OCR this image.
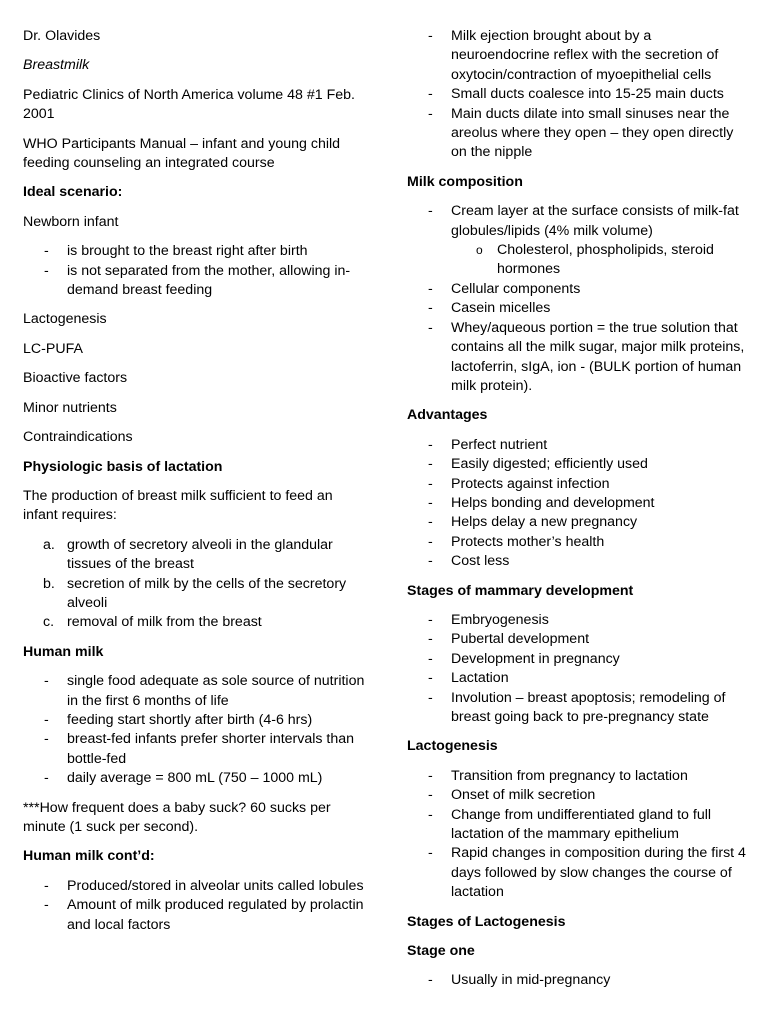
Dr. Olavides

Breastmilk

Pediatric Clinics of North America volume 48 #1 Feb. 2001

WHO Participants Manual – infant and young child feeding counseling an integrated course

Ideal scenario:

Newborn infant

- is brought to the breast right after birth
- is not separated from the mother, allowing in-demand breast feeding

Lactogenesis

LC-PUFA

Bioactive factors

Minor nutrients

Contraindications

Physiologic basis of lactation

The production of breast milk sufficient to feed an infant requires:

a. growth of secretory alveoli in the glandular tissues of the breast
b. secretion of milk by the cells of the secretory alveoli
c. removal of milk from the breast

Human milk

- single food adequate as sole source of nutrition in the first 6 months of life
- feeding start shortly after birth (4-6 hrs)
- breast-fed infants prefer shorter intervals than bottle-fed
- daily average = 800 mL (750 – 1000 mL)

***How frequent does a baby suck? 60 sucks per minute (1 suck per second).

Human milk cont’d:

- Produced/stored in alveolar units called lobules
- Amount of milk produced regulated by prolactin and local factors
- Milk ejection brought about by a neuroendocrine reflex with the secretion of oxytocin/contraction of myoepithelial cells
- Small ducts coalesce into 15-25 main ducts
- Main ducts dilate into small sinuses near the areolus where they open – they open directly on the nipple

Milk composition

- Cream layer at the surface consists of milk-fat globules/lipids (4% milk volume)
o Cholesterol, phospholipids, steroid hormones
- Cellular components
- Casein micelles
- Whey/aqueous portion = the true solution that contains all the milk sugar, major milk proteins, lactoferrin, sIgA, ion - (BULK portion of human milk protein).

Advantages

- Perfect nutrient
- Easily digested; efficiently used
- Protects against infection
- Helps bonding and development
- Helps delay a new pregnancy
- Protects mother’s health
- Cost less

Stages of mammary development

- Embryogenesis
- Pubertal development
- Development in pregnancy
- Lactation
- Involution – breast apoptosis; remodeling of breast going back to pre-pregnancy state

Lactogenesis

- Transition from pregnancy to lactation
- Onset of milk secretion
- Change from undifferentiated gland to full lactation of the mammary epithelium
- Rapid changes in composition during the first 4 days followed by slow changes the course of lactation

Stages of Lactogenesis

Stage one

- Usually in mid-pregnancy
